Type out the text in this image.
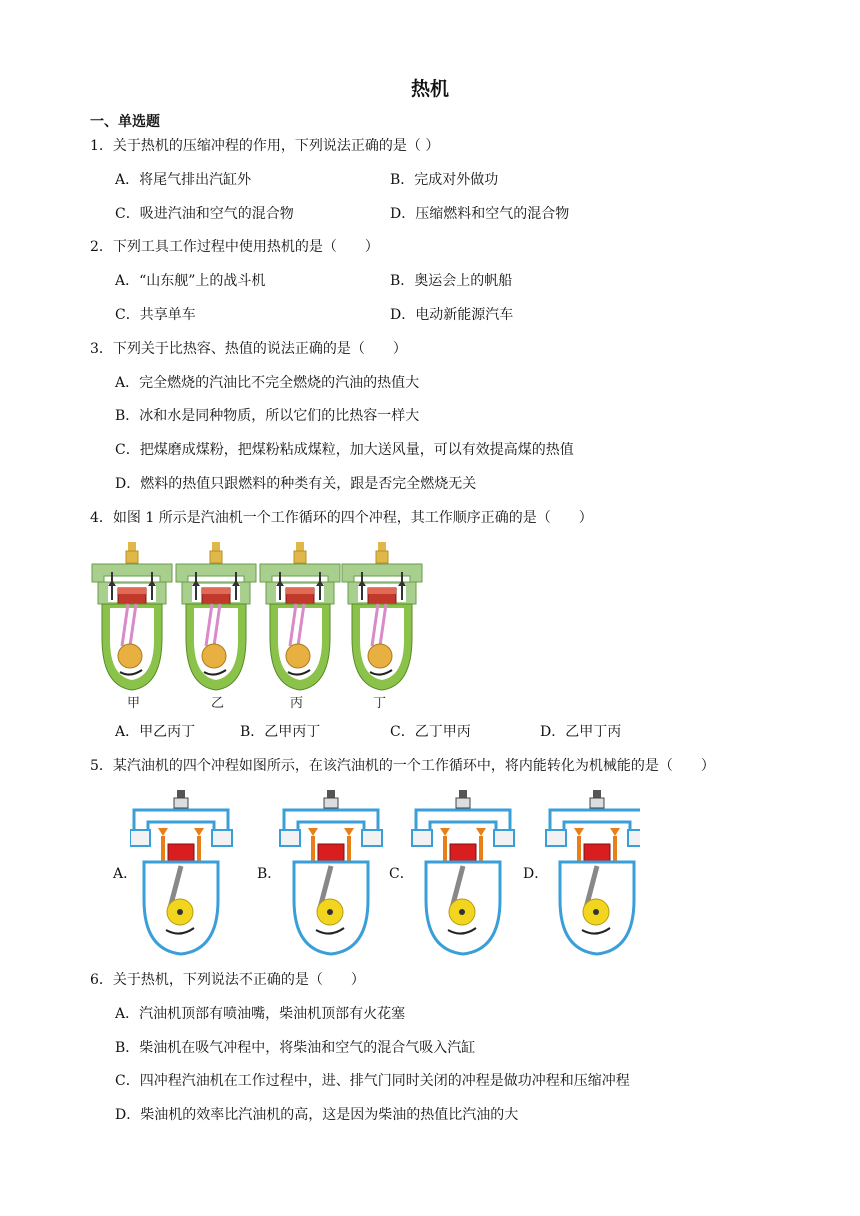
热机
一、单选题
1．关于热机的压缩冲程的作用，下列说法正确的是（ ）
A．将尾气排出汽缸外	B．完成对外做功
C．吸进汽油和空气的混合物	D．压缩燃料和空气的混合物
2．下列工具工作过程中使用热机的是（　　）
A．“山东舰”上的战斗机	B．奥运会上的帆船
C．共享单车	D．电动新能源汽车
3．下列关于比热容、热值的说法正确的是（　　）
A．完全燃烧的汽油比不完全燃烧的汽油的热值大
B．冰和水是同种物质，所以它们的比热容一样大
C．把煤磨成煤粉，把煤粉粘成煤粒，加大送风量，可以有效提高煤的热值
D．燃料的热值只跟燃料的种类有关，跟是否完全燃烧无关
4．如图 1 所示是汽油机一个工作循环的四个冲程，其工作顺序正确的是（　　）
甲	乙	丙	丁
A．甲乙丙丁	B．乙甲丙丁	C．乙丁甲丙	D．乙甲丁丙
5．某汽油机的四个冲程如图所示，在该汽油机的一个工作循环中，将内能转化为机械能的是（　　）
A．	B．	C．	D．
6．关于热机，下列说法不正确的是（　　）
A．汽油机顶部有喷油嘴，柴油机顶部有火花塞
B．柴油机在吸气冲程中，将柴油和空气的混合气吸入汽缸
C．四冲程汽油机在工作过程中，进、排气门同时关闭的冲程是做功冲程和压缩冲程
D．柴油机的效率比汽油机的高，这是因为柴油的热值比汽油的大
